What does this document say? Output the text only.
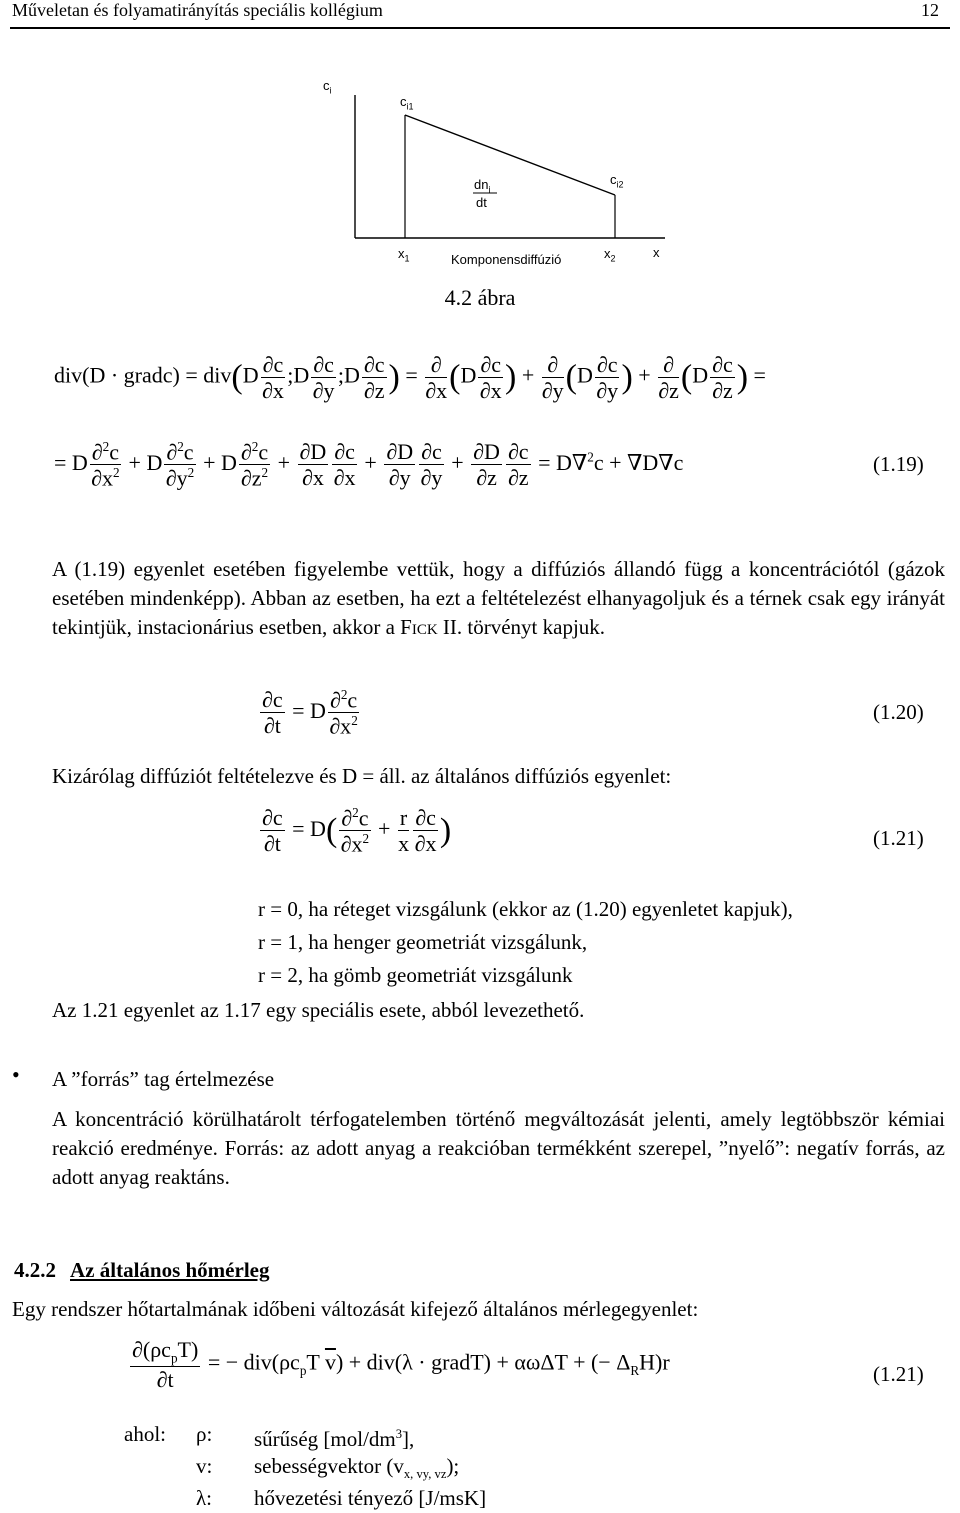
Műveletan és folyamatirányítás speciális kollégium	12
$c_i$
$c_{i1}$
$c_{i2}$
$dn_i$
dt
$x_1$	$x_2$	x
Komponensdiffúzió
4.2 ábra
div(D · gradc) = $div(D \frac{\partial c}{\partial x}$ ;D $\frac{\partial c}{\partial y}$ ;D $\frac{\partial c}{\partial z}$ ) = $\frac{\partial}{\partial x} (D \frac{\partial c}{\partial x}$ ) + $\frac{\partial}{\partial y} (D \frac{\partial c}{\partial y}$ ) + $\frac{\partial}{\partial z} (D \frac{\partial c}{\partial z}$ ) =
= D $\frac{\partial^2c}{\partial x^2} + D \frac{\partial^2c}{\partial y^2} + D \frac{\partial^2c}{\partial z^2} + \frac{\partial D}{\partial x} \frac{\partial c}{\partial x} + \frac{\partial D}{\partial y} \frac{\partial c}{\partial y} + \frac{\partial D}{\partial z} \frac{\partial c}{\partial z} = D\nabla^2c + \nabla D\nabla c$	(1.19)
A (1.19) egyenlet esetében figyelembe vettük, hogy a diffúziós állandó függ a koncentrációtól (gázok esetében mindenképp). Abban az esetben, ha ezt a feltételezést elhanyagoljuk és a térnek csak egy irányát tekintjük, instacionárius esetben, akkor a Fick II. törvényt kapjuk.
$\frac{\partial c}{\partial t} = D \frac{\partial^2c}{\partial x^2}$	(1.20)
Kizárólag diffúziót feltételezve és D = áll. az általános diffúziós egyenlet:
$\frac{\partial c}{\partial t} = D( \frac{\partial^2c}{\partial x^2} + \frac{r}{x} \frac{\partial c}{\partial x}$ )	(1.21)
r = 0, ha réteget vizsgálunk (ekkor az (1.20) egyenletet kapjuk),
r = 1, ha henger geometriát vizsgálunk,
r = 2, ha gömb geometriát vizsgálunk
Az 1.21 egyenlet az 1.17 egy speciális esete, abból levezethető.
• A ”forrás” tag értelmezése
A koncentráció körülhatárolt térfogatelemben történő megváltozását jelenti, amely legtöbbször kémiai reakció eredménye. Forrás: az adott anyag a reakcióban termékként szerepel, ”nyelő”: negatív forrás, az adott anyag reaktáns.
4.2.2 Az általános hőmérleg
Egy rendszer hőtartalmának időbeni változását kifejező általános mérlegegyenlet:
$\frac{\partial(\rho c_pT)}{\partial t}$ = − $div(\rho c_pT$ $\overline{v}) + div(\lambda$ · gradT) + αωΔT + (− $\Delta_RH)r$	(1.21)
ahol: ρ: sűrűség $[mol/dm^3]$,
v: sebességvektor $(v_{x, vy, vz})$;
λ: hővezetési tényező [J/msK]
